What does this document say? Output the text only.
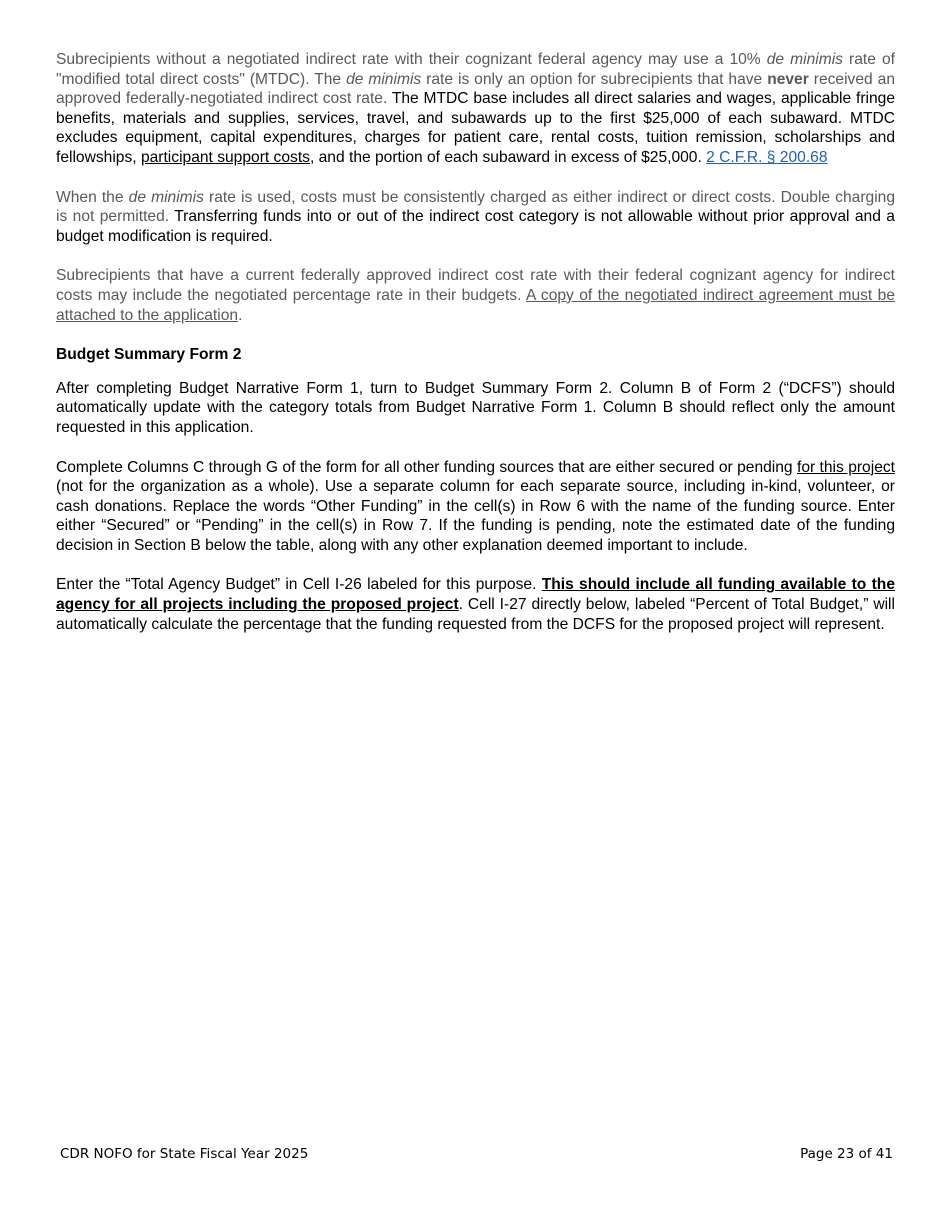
Subrecipients without a negotiated indirect rate with their cognizant federal agency may use a 10% de minimis rate of "modified total direct costs" (MTDC). The de minimis rate is only an option for subrecipients that have never received an approved federally-negotiated indirect cost rate. The MTDC base includes all direct salaries and wages, applicable fringe benefits, materials and supplies, services, travel, and subawards up to the first $25,000 of each subaward. MTDC excludes equipment, capital expenditures, charges for patient care, rental costs, tuition remission, scholarships and fellowships, participant support costs, and the portion of each subaward in excess of $25,000. 2 C.F.R. § 200.68

When the de minimis rate is used, costs must be consistently charged as either indirect or direct costs. Double charging is not permitted. Transferring funds into or out of the indirect cost category is not allowable without prior approval and a budget modification is required.

Subrecipients that have a current federally approved indirect cost rate with their federal cognizant agency for indirect costs may include the negotiated percentage rate in their budgets. A copy of the negotiated indirect agreement must be attached to the application.

Budget Summary Form 2

After completing Budget Narrative Form 1, turn to Budget Summary Form 2. Column B of Form 2 (“DCFS”) should automatically update with the category totals from Budget Narrative Form 1. Column B should reflect only the amount requested in this application.

Complete Columns C through G of the form for all other funding sources that are either secured or pending for this project (not for the organization as a whole). Use a separate column for each separate source, including in-kind, volunteer, or cash donations. Replace the words “Other Funding” in the cell(s) in Row 6 with the name of the funding source. Enter either “Secured” or “Pending” in the cell(s) in Row 7. If the funding is pending, note the estimated date of the funding decision in Section B below the table, along with any other explanation deemed important to include.

Enter the “Total Agency Budget” in Cell I-26 labeled for this purpose. This should include all funding available to the agency for all projects including the proposed project. Cell I-27 directly below, labeled “Percent of Total Budget,” will automatically calculate the percentage that the funding requested from the DCFS for the proposed project will represent.

CDR NOFO for State Fiscal Year 2025	Page 23 of 41
